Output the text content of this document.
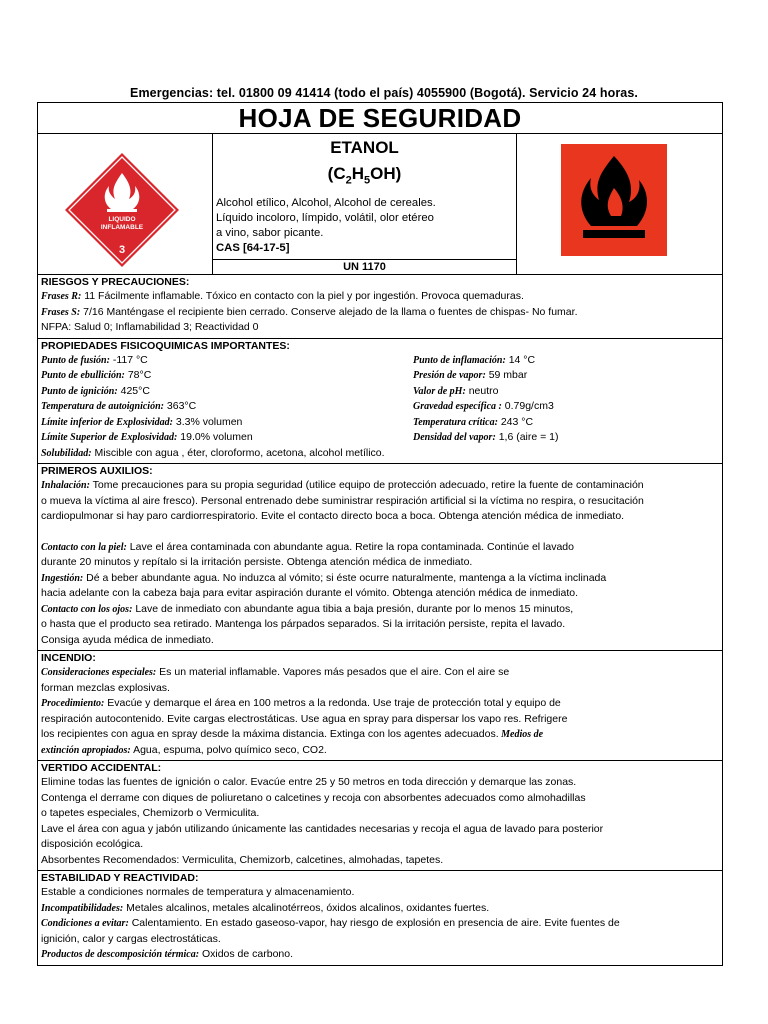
Emergencias: tel. 01800 09 41414 (todo el país) 4055900 (Bogotá). Servicio 24 horas.
HOJA DE SEGURIDAD
LIQUIDO
INFLAMABLE
3
ETANOL
$(C_2H_5OH)$
Alcohol etílico, Alcohol, Alcohol de cereales.
Líquido incoloro, límpido, volátil, olor etéreo
a vino, sabor picante.
CAS [64-17-5]
UN 1170
RIESGOS Y PRECAUCIONES:
Frases R: 11 Fácilmente inflamable. Tóxico en contacto con la piel y por ingestión. Provoca quemaduras.
Frases S: 7/16 Manténgase el recipiente bien cerrado. Conserve alejado de la llama o fuentes de chispas- No fumar.
NFPA: Salud 0; Inflamabilidad 3; Reactividad 0
PROPIEDADES FISICOQUIMICAS IMPORTANTES:
Punto de fusión: -117 °C
Punto de ebullición: 78°C
Punto de ignición: 425°C
Temperatura de autoignición: 363°C
Límite inferior de Explosividad: 3.3% volumen
Límite Superior de Explosividad: 19.0% volumen
Punto de inflamación: 14 °C
Presión de vapor: 59 mbar
Valor de pH: neutro
Gravedad específica : 0.79g/cm3
Temperatura crítica: 243 °C
Densidad del vapor: 1,6 (aire = 1)
Solubilidad: Miscible con agua , éter, cloroformo, acetona, alcohol metílico.
PRIMEROS AUXILIOS:
Inhalación: Tome precauciones para su propia seguridad (utilice equipo de protección adecuado, retire la fuente de contaminación
o mueva la víctima al aire fresco). Personal entrenado debe suministrar respiración artificial si la víctima no respira, o resucitación
cardiopulmonar si hay paro cardiorrespiratorio. Evite el contacto directo boca a boca. Obtenga atención médica de inmediato.
Contacto con la piel: Lave el área contaminada con abundante agua. Retire la ropa contaminada. Continúe el lavado
durante 20 minutos y repítalo si la irritación persiste. Obtenga atención médica de inmediato.
Ingestión: Dé a beber abundante agua. No induzca al vómito; si éste ocurre naturalmente, mantenga a la víctima inclinada
hacia adelante con la cabeza baja para evitar aspiración durante el vómito. Obtenga atención médica de inmediato.
Contacto con los ojos: Lave de inmediato con abundante agua tibia a baja presión, durante por lo menos 15 minutos,
o hasta que el producto sea retirado. Mantenga los párpados separados. Si la irritación persiste, repita el lavado.
Consiga ayuda médica de inmediato.
INCENDIO:
Consideraciones especiales: Es un material inflamable. Vapores más pesados que el aire. Con el aire se
forman mezclas explosivas.
Procedimiento: Evacúe y demarque el área en 100 metros a la redonda. Use traje de protección total y equipo de
respiración autocontenido. Evite cargas electrostáticas. Use agua en spray para dispersar los vapo res. Refrigere
los recipientes con agua en spray desde la máxima distancia. Extinga con los agentes adecuados. Medios de
extinción apropiados: Agua, espuma, polvo químico seco, CO2.
VERTIDO ACCIDENTAL:
Elimine todas las fuentes de ignición o calor. Evacúe entre 25 y 50 metros en toda dirección y demarque las zonas.
Contenga el derrame con diques de poliuretano o calcetines y recoja con absorbentes adecuados como almohadillas
o tapetes especiales, Chemizorb o Vermiculita.
Lave el área con agua y jabón utilizando únicamente las cantidades necesarias y recoja el agua de lavado para posterior
disposición ecológica.
Absorbentes Recomendados: Vermiculita, Chemizorb, calcetines, almohadas, tapetes.
ESTABILIDAD Y REACTIVIDAD:
Estable a condiciones normales de temperatura y almacenamiento.
Incompatibilidades: Metales alcalinos, metales alcalinotérreos, óxidos alcalinos, oxidantes fuertes.
Condiciones a evitar: Calentamiento. En estado gaseoso-vapor, hay riesgo de explosión en presencia de aire. Evite fuentes de
ignición, calor y cargas electrostáticas.
Productos de descomposición térmica: Oxidos de carbono.
